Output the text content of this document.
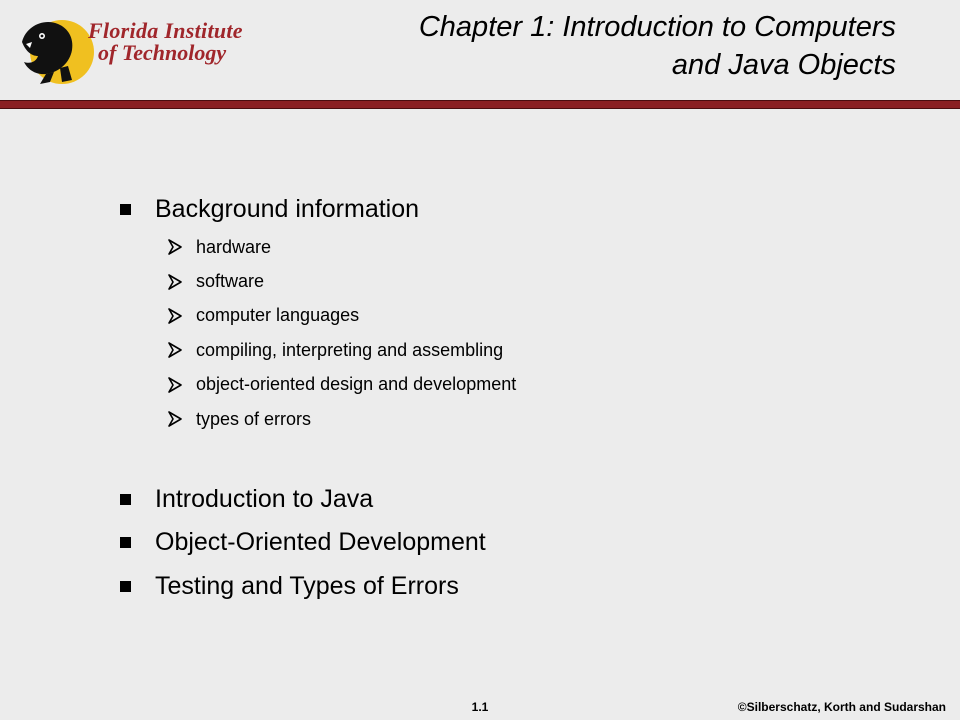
Florida Institute
of Technology
Chapter 1: Introduction to Computers
and Java Objects
Background information
hardware
software
computer languages
compiling, interpreting and assembling
object-oriented design and development
types of errors
Introduction to Java
Object-Oriented Development
Testing and Types of Errors
1.1	©Silberschatz, Korth and Sudarshan
